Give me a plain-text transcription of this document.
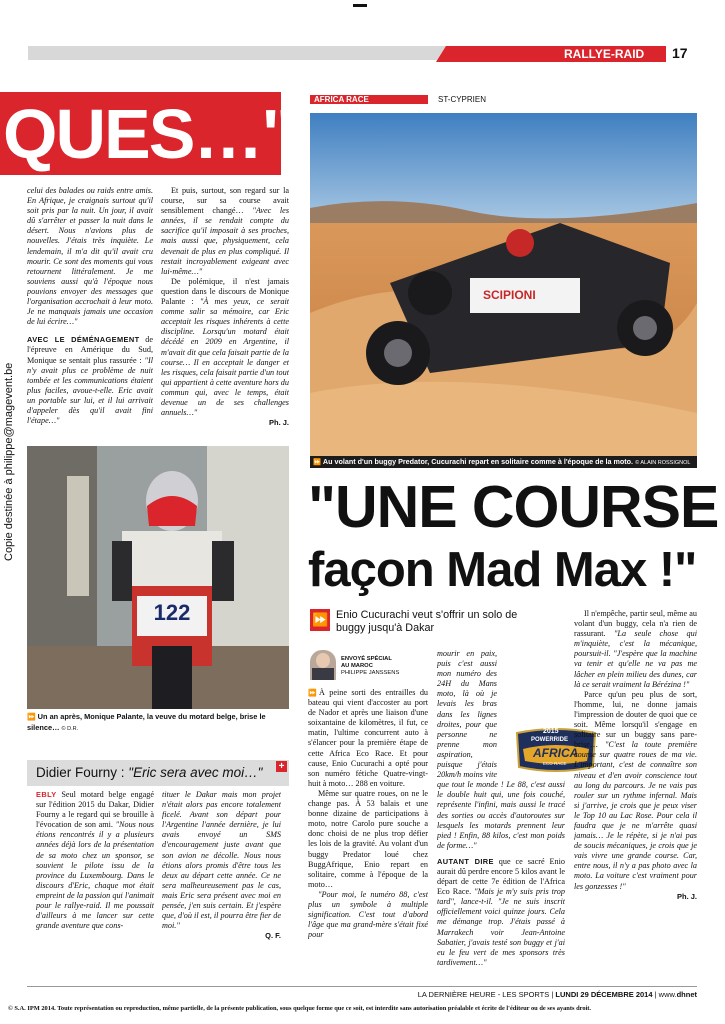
RALLYE-RAID 17
QUES…"
Copie destinée à philippe@magevent.be

celui des balades ou raids entre amis. En Afrique, je craignais surtout qu'il soit pris par la nuit. Un jour, il avait dû s'arrêter et passer la nuit dans le désert. Nous n'avions plus de nouvelles. J'étais très inquiète. Le lendemain, il m'a dit qu'il avait cru mourir. Ce sont des moments qui vous retournent littéralement. Je me souviens aussi qu'à l'époque nous pouvions envoyer des messages que l'organisation accrochait à leur moto. Je ne manquais jamais une occasion de lui écrire…"

AVEC LE DÉMÉNAGEMENT de l'épreuve en Amérique du Sud, Monique se sentait plus rassurée : "Il n'y avait plus ce problème de nuit tombée et les communications étaient plus faciles, avoue-t-elle. Eric avait un portable sur lui, et il lui arrivait d'appeler dès qu'il avait fini l'étape…"

Et puis, surtout, son regard sur la course, sur sa course avait sensiblement changé… "Avec les années, il se rendait compte du sacrifice qu'il imposait à ses proches, mais aussi que, physiquement, cela devenait de plus en plus compliqué. Il restait incroyablement exigeant avec lui-même…"

De polémique, il n'est jamais question dans le discours de Monique Palante : "À mes yeux, ce serait comme salir sa mémoire, car Eric acceptait les risques inhérents à cette discipline. Lorsqu'un motard était décédé en 2009 en Argentine, il m'avait dit que cela faisait partie de la course… Il en acceptait le danger et les risques, cela faisait partie d'un tout qui appartient à cette aventure hors du commun qui, avec le temps, était devenue un de ses challenges annuels…"

Ph. J.

122
⏩ Un an après, Monique Palante, la veuve du motard belge, brise le silence… © D.R.
Didier Fourny : "Eric sera avec moi…" +

EBLY Seul motard belge engagé sur l'édition 2015 du Dakar, Didier Fourny a le regard qui se brouille à l'évocation de son ami. "Nous nous étions rencontrés il y a plusieurs années déjà lors de la présentation de sa moto chez un sponsor, se souvient le pilote issu de la province du Luxembourg. Dans le discours d'Eric, chaque mot était empreint de la passion qui l'animait pour le rallye-raid. Il me poussait d'ailleurs à me lancer sur cette grande aventure que cons-

tituer le Dakar mais mon projet n'était alors pas encore totalement ficelé. Avant son départ pour l'Argentine l'année dernière, je lui avais envoyé un SMS d'encouragement juste avant que son avion ne décolle. Nous nous étions alors promis d'être tous les deux au départ cette année. Ce ne sera malheureusement pas le cas, mais Eric sera présent avec moi en pensée, j'en suis certain. Et j'espère que, d'où il est, il pourra être fier de moi."

Q. F.

AFRICA RACE	ST-CYPRIEN
SCIPIONI
⏩ Au volant d'un buggy Predator, Cucurachi repart en solitaire comme à l'époque de la moto. © ALAIN ROSSIGNOL
"UNE COURSE
façon Mad Max !"
⏩ Enio Cucurachi veut s'offrir un solo de buggy jusqu'à Dakar
ENVOYÉ SPÉCIAL
AU MAROC
PHILIPPE JANSSENS

⏩À peine sorti des entrailles du bateau qui vient d'accoster au port de Nador et après une liaison d'une soixantaine de kilomètres, il fut, ce matin, l'ultime concurrent auto à s'élancer pour la première étape de cette Africa Eco Race. Et pour cause, Enio Cucurachi a opté pour son numéro fétiche Quatre-vingt-huit à moto… 288 en voiture.

Même sur quatre roues, on ne le change pas. À 53 balais et une bonne dizaine de participations à moto, notre Carolo pure souche a donc choisi de ne plus trop défier les lois de la gravité. Au volant d'un buggy Predator loué chez BuggAfrique, Enio repart en solitaire, comme à l'époque de la moto…

"Pour moi, le numéro 88, c'est plus un symbole à multiple signification. C'est tout d'abord l'âge que ma grand-mère s'était fixé pour

mourir en paix, puis c'est aussi mon numéro des 24H du Mans moto, là où je levais les bras dans les lignes droites, pour que personne ne prenne mon aspiration, puisque j'étais 20km/h moins vite que tout le monde ! Le 88, c'est aussi le double huit qui, une fois couché, représente l'infini, mais aussi le tracé des sorties ou accès d'autoroutes sur lesquels les motards prennent leur pied ! Enfin, 88 kilos, c'est mon poids de forme…"

AUTANT DIRE que ce sacré Enio aurait dû perdre encore 5 kilos avant le départ de cette 7e édition de l'Africa Eco Race. "Mais je m'y suis pris trop tard", lance-t-il. "Je ne suis inscrit officiellement voici quinze jours. Cela me démange trop. J'étais passé à Marrakech voir Jean-Antoine Sabatier, j'avais testé son buggy et j'ai eu le feu vert de mes sponsors très tardivement…"

2015
POWERRIDE
AFRICA
ECO RACE

Il n'empêche, partir seul, même au volant d'un buggy, cela n'a rien de rassurant. "La seule chose qui m'inquiète, c'est la mécanique, poursuit-il. "J'espère que la machine va tenir et qu'elle ne va pas me lâcher en plein milieu des dunes, car là ce serait vraiment la Bérézina !"

Parce qu'un peu plus de sort, l'homme, lui, ne donne jamais l'impression de douter de quoi que ce soit. Même lorsqu'il s'engage en solitaire sur un buggy sans pare-brise… "C'est la toute première course sur quatre roues de ma vie. L'important, c'est de connaître son niveau et d'en avoir conscience tout au long du parcours. Je ne vais pas rouler sur un rythme infernal. Mais si j'arrive, je crois que je peux viser le Top 10 au Lac Rose. Pour cela il faudra que je ne m'arrête quasi jamais… Je le répète, si je n'ai pas de soucis mécaniques, je crois que je vais vivre une grande course. Car, entre nous, il n'y a pas photo avec la moto. La voiture c'est vraiment pour les gonzesses !"

Ph. J.

LA DERNIÈRE HEURE - LES SPORTS | LUNDI 29 DÉCEMBRE 2014 | www.dhnet
© S.A. IPM 2014. Toute représentation ou reproduction, même partielle, de la présente publication, sous quelque forme que ce soit, est interdite sans autorisation préalable et écrite de l'éditeur ou de ses ayants droit.
